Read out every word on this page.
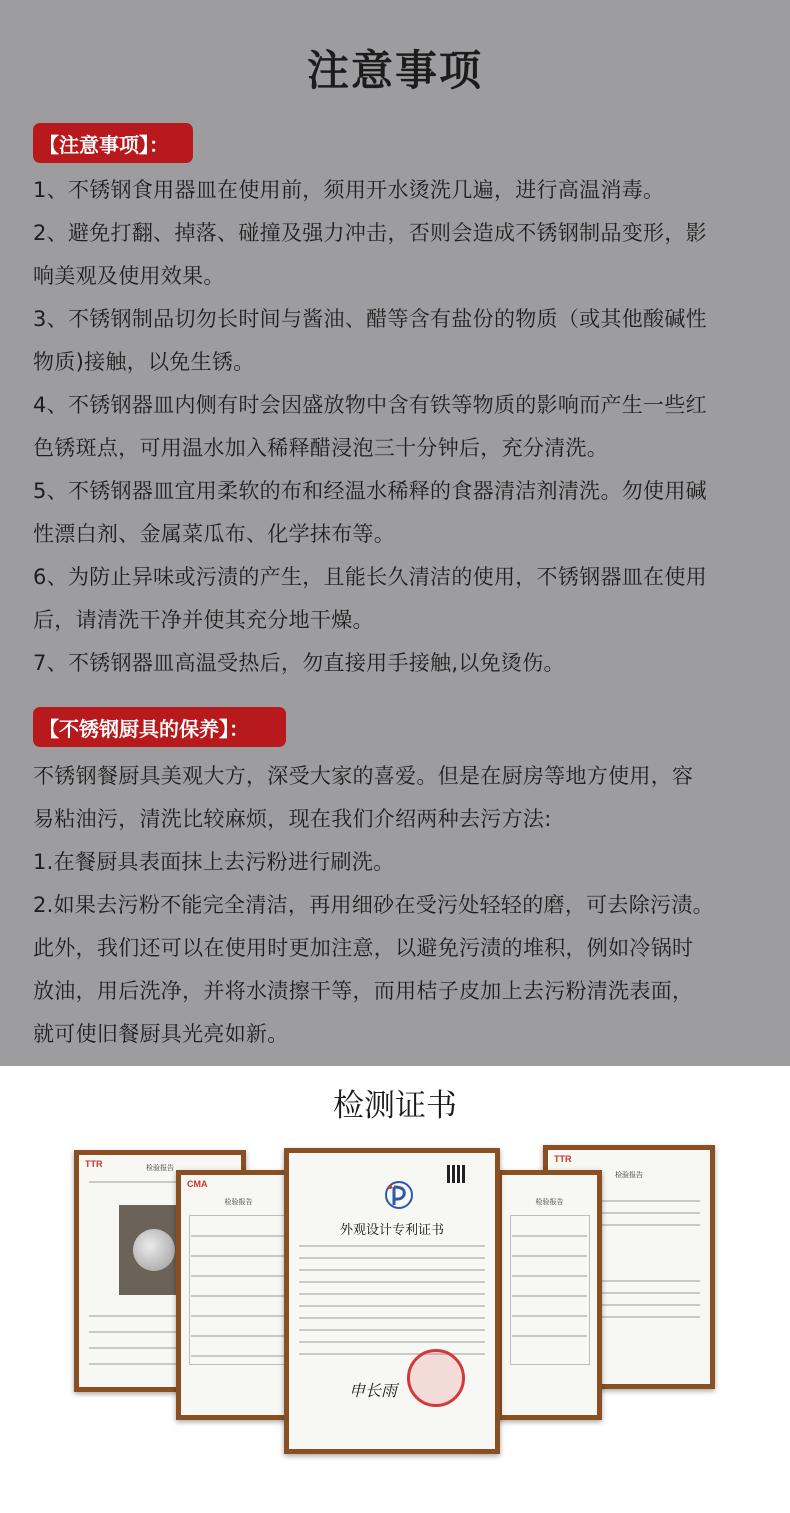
注意事项
【注意事项】：
1、不锈钢食用器皿在使用前，须用开水烫洗几遍，进行高温消毒。
2、避免打翻、掉落、碰撞及强力冲击，否则会造成不锈钢制品变形，影
响美观及使用效果。
3、不锈钢制品切勿长时间与酱油、醋等含有盐份的物质（或其他酸碱性
物质)接触，以免生锈。
4、不锈钢器皿内侧有时会因盛放物中含有铁等物质的影响而产生一些红
色锈斑点，可用温水加入稀释醋浸泡三十分钟后，充分清洗。
5、不锈钢器皿宜用柔软的布和经温水稀释的食器清洁剂清洗。勿使用碱
性漂白剂、金属菜瓜布、化学抹布等。
6、为防止异味或污渍的产生，且能长久清洁的使用，不锈钢器皿在使用
后，请清洗干净并使其充分地干燥。
7、不锈钢器皿高温受热后，勿直接用手接触,以免烫伤。
【不锈钢厨具的保养】：
不锈钢餐厨具美观大方，深受大家的喜爱。但是在厨房等地方使用，容
易粘油污，清洗比较麻烦，现在我们介绍两种去污方法:
1.在餐厨具表面抹上去污粉进行刷洗。
2.如果去污粉不能完全清洁，再用细砂在受污处轻轻的磨，可去除污渍。
此外，我们还可以在使用时更加注意，以避免污渍的堆积，例如冷锅时
放油，用后洗净，并将水渍擦干等，而用桔子皮加上去污粉清洗表面，
就可使旧餐厨具光亮如新。
检测证书
TTR	检验报告
CMA
检验报告
TTR
检验报告
检验报告
外观设计专利证书
申长雨
